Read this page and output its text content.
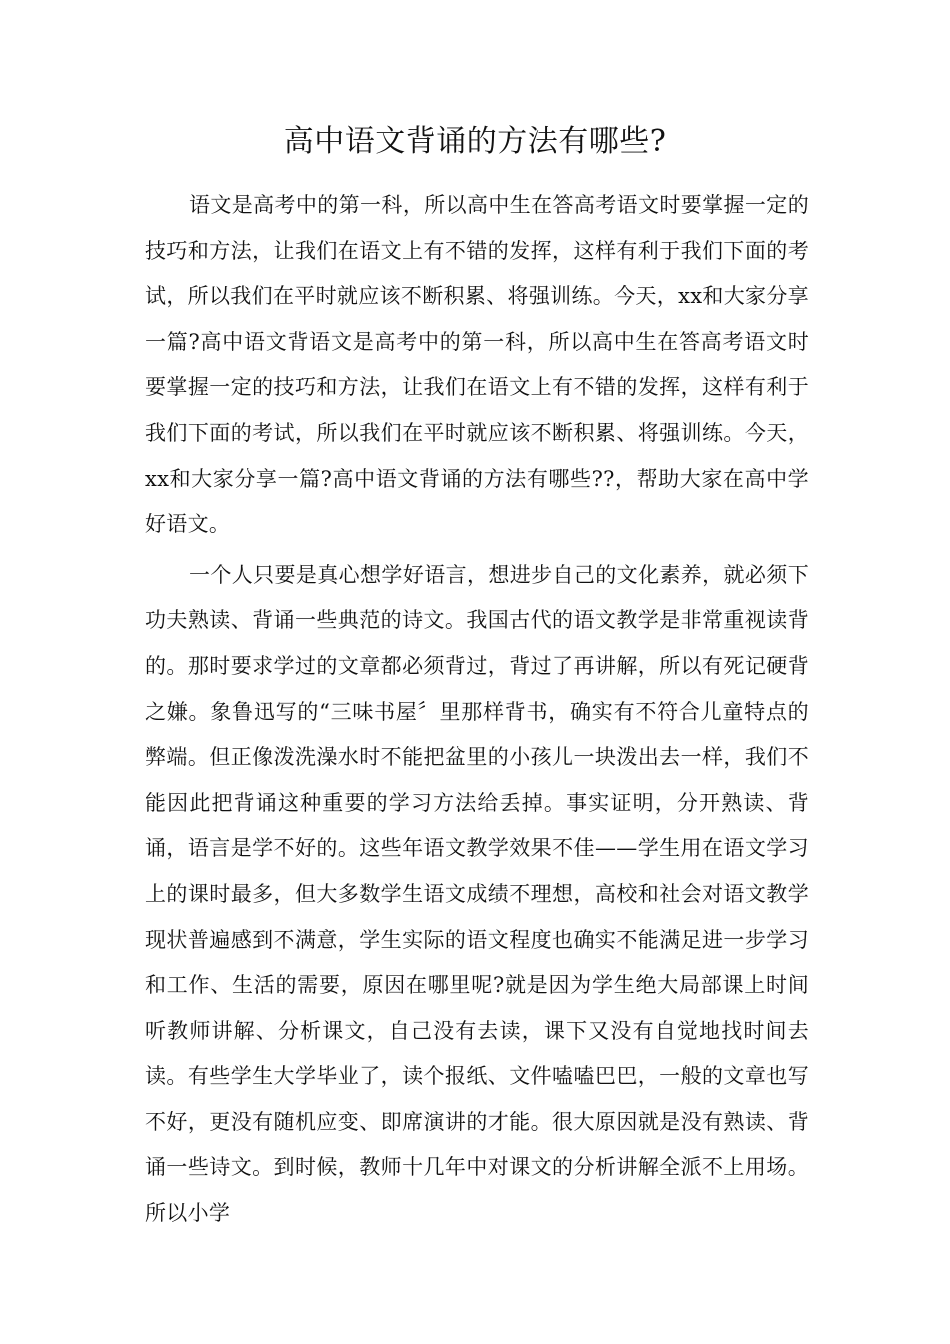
高中语文背诵的方法有哪些?

语文是高考中的第一科，所以高中生在答高考语文时要掌握一定的技巧和方法，让我们在语文上有不错的发挥，这样有利于我们下面的考试，所以我们在平时就应该不断积累、将强训练。今天，xx和大家分享一篇?高中语文背语文是高考中的第一科，所以高中生在答高考语文时要掌握一定的技巧和方法，让我们在语文上有不错的发挥，这样有利于我们下面的考试，所以我们在平时就应该不断积累、将强训练。今天，xx和大家分享一篇?高中语文背诵的方法有哪些??，帮助大家在高中学好语文。

一个人只要是真心想学好语言，想进步自己的文化素养，就必须下功夫熟读、背诵一些典范的诗文。我国古代的语文教学是非常重视读背的。那时要求学过的文章都必须背过，背过了再讲解，所以有死记硬背之嫌。象鲁迅写的“三味书屋〞里那样背书，确实有不符合儿童特点的弊端。但正像泼洗澡水时不能把盆里的小孩儿一块泼出去一样，我们不能因此把背诵这种重要的学习方法给丢掉。事实证明，分开熟读、背诵，语言是学不好的。这些年语文教学效果不佳——学生用在语文学习上的课时最多，但大多数学生语文成绩不理想，高校和社会对语文教学现状普遍感到不满意，学生实际的语文程度也确实不能满足进一步学习和工作、生活的需要，原因在哪里呢?就是因为学生绝大局部课上时间听教师讲解、分析课文，自己没有去读，课下又没有自觉地找时间去读。有些学生大学毕业了，读个报纸、文件嗑嗑巴巴，一般的文章也写不好，更没有随机应变、即席演讲的才能。很大原因就是没有熟读、背诵一些诗文。到时候，教师十几年中对课文的分析讲解全派不上用场。所以小学
